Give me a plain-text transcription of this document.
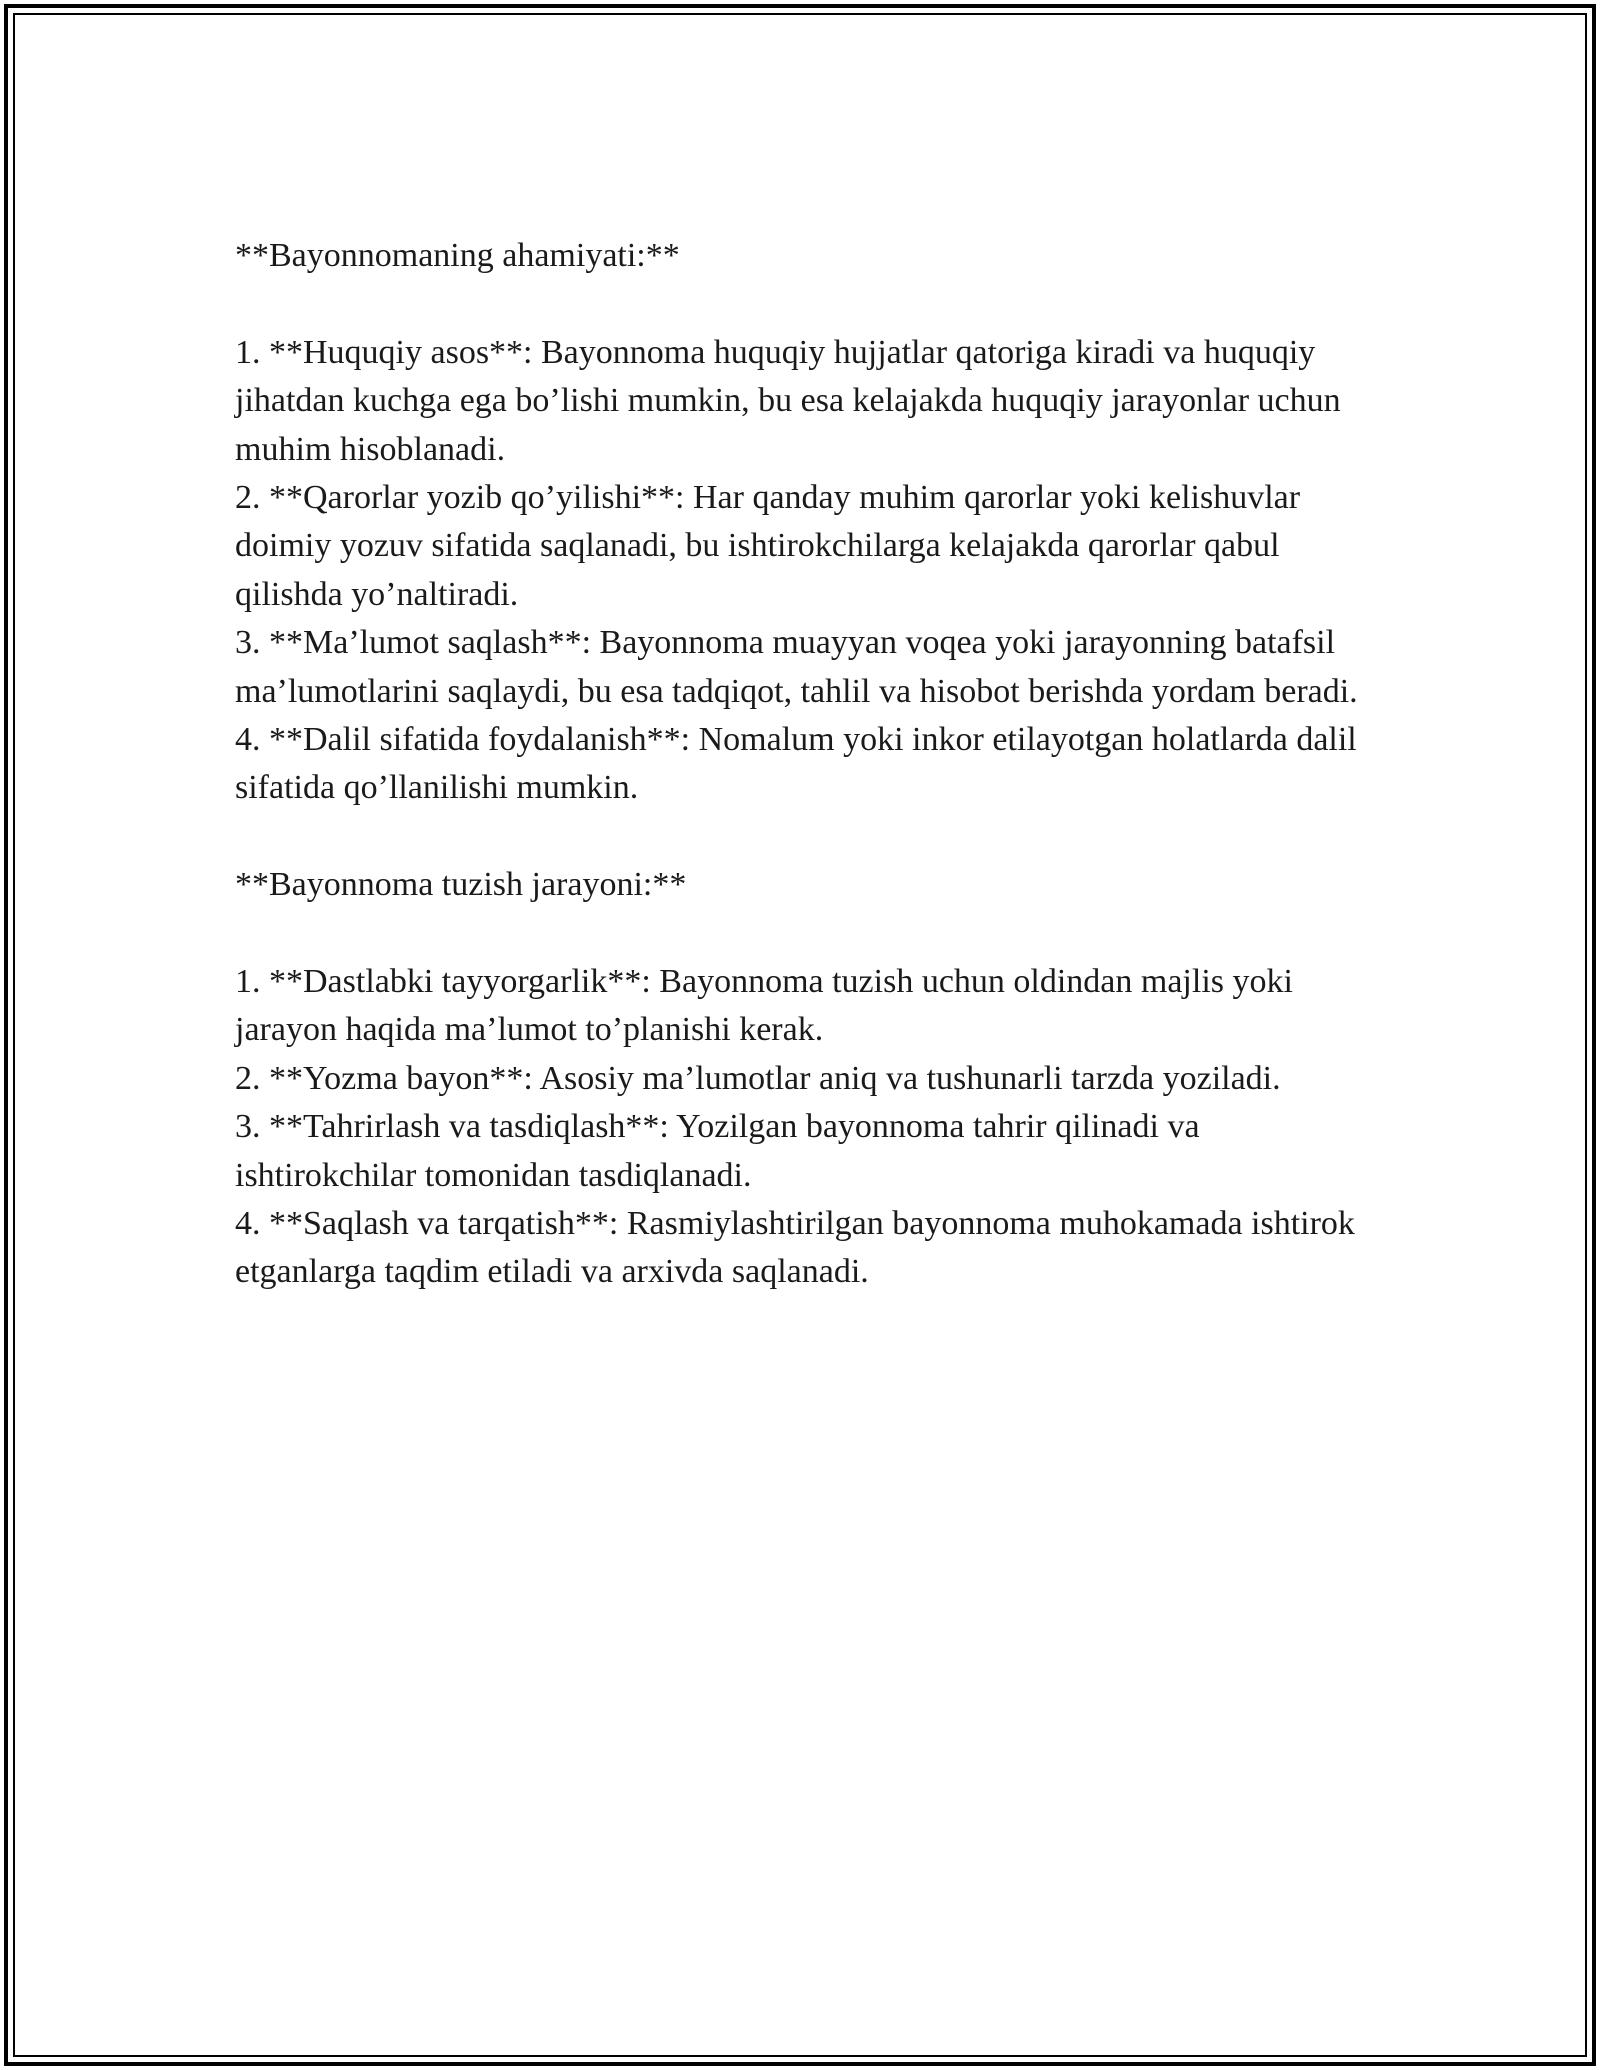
**Bayonnomaning ahamiyati:**

1. **Huquqiy asos**: Bayonnoma huquqiy hujjatlar qatoriga kiradi va huquqiy jihatdan kuchga ega bo’lishi mumkin, bu esa kelajakda huquqiy jarayonlar uchun muhim hisoblanadi.
2. **Qarorlar yozib qo’yilishi**: Har qanday muhim qarorlar yoki kelishuvlar doimiy yozuv sifatida saqlanadi, bu ishtirokchilarga kelajakda qarorlar qabul qilishda yo’naltiradi.
3. **Ma’lumot saqlash**: Bayonnoma muayyan voqea yoki jarayonning batafsil ma’lumotlarini saqlaydi, bu esa tadqiqot, tahlil va hisobot berishda yordam beradi.
4. **Dalil sifatida foydalanish**: Nomalum yoki inkor etilayotgan holatlarda dalil sifatida qo’llanilishi mumkin.

**Bayonnoma tuzish jarayoni:**

1. **Dastlabki tayyorgarlik**: Bayonnoma tuzish uchun oldindan majlis yoki jarayon haqida ma’lumot to’planishi kerak.
2. **Yozma bayon**: Asosiy ma’lumotlar aniq va tushunarli tarzda yoziladi.
3. **Tahrirlash va tasdiqlash**: Yozilgan bayonnoma tahrir qilinadi va ishtirokchilar tomonidan tasdiqlanadi.
4. **Saqlash va tarqatish**: Rasmiylashtirilgan bayonnoma muhokamada ishtirok etganlarga taqdim etiladi va arxivda saqlanadi.
